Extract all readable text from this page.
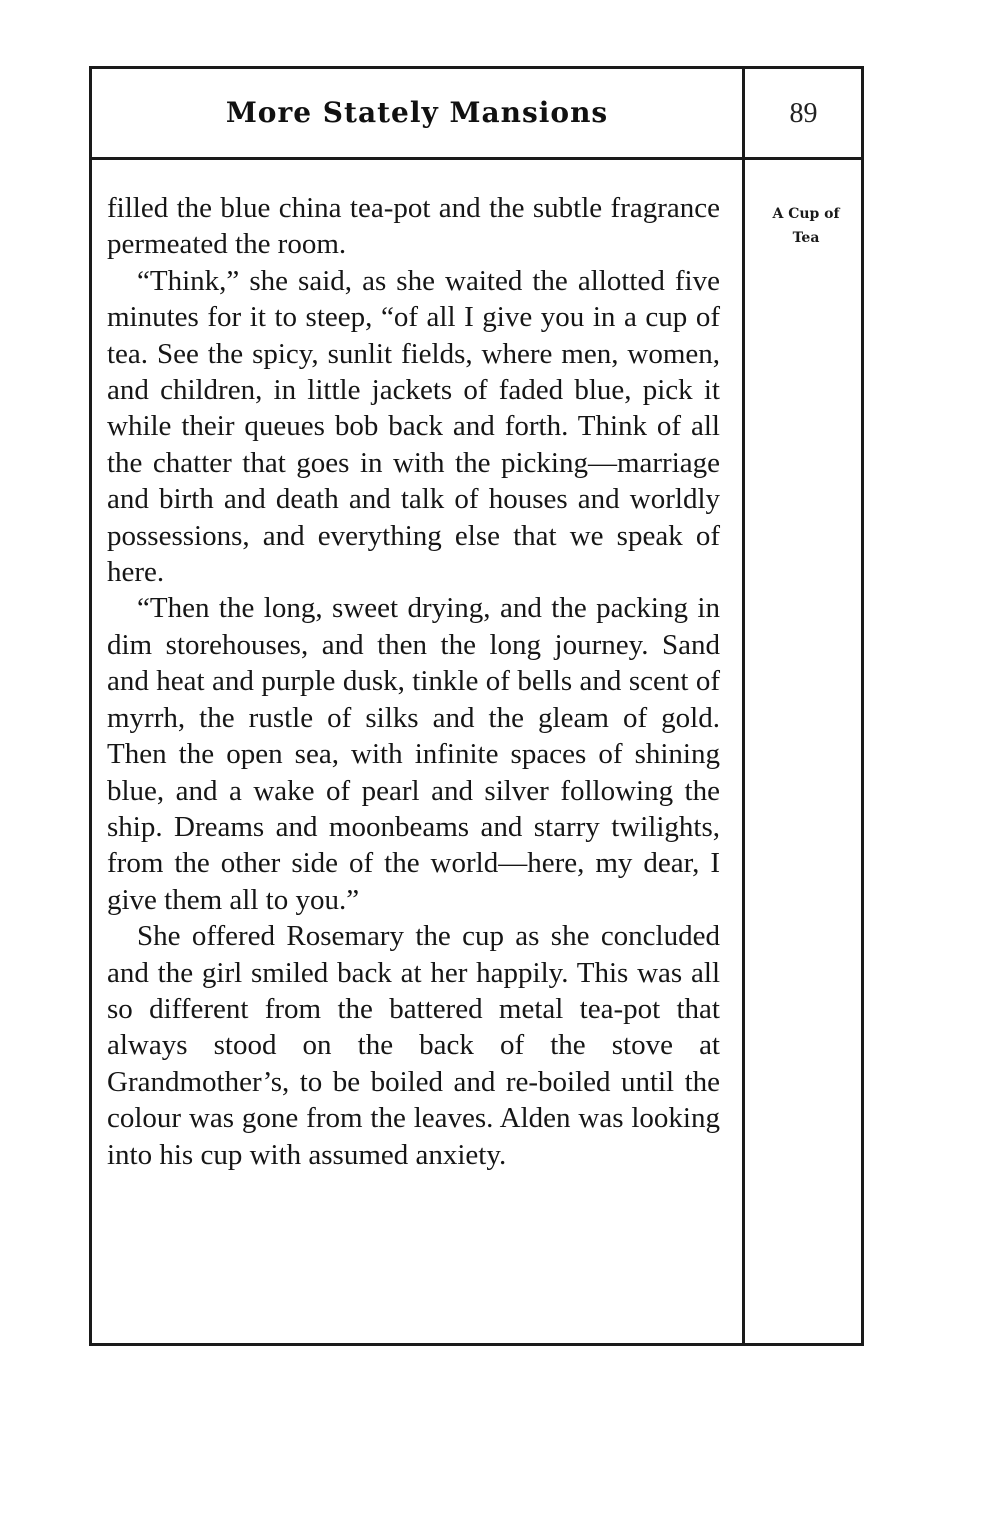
More Stately Mansions	89
A Cup of
Tea

filled the blue china tea-pot and the subtle fragrance permeated the room.

“Think,” she said, as she waited the allotted five minutes for it to steep, “of all I give you in a cup of tea. See the spicy, sunlit fields, where men, women, and children, in little jackets of faded blue, pick it while their queues bob back and forth. Think of all the chatter that goes in with the picking—marriage and birth and death and talk of houses and worldly possessions, and everything else that we speak of here.

“Then the long, sweet drying, and the packing in dim storehouses, and then the long journey. Sand and heat and purple dusk, tinkle of bells and scent of myrrh, the rustle of silks and the gleam of gold. Then the open sea, with infinite spaces of shining blue, and a wake of pearl and silver following the ship. Dreams and moonbeams and starry twilights, from the other side of the world—here, my dear, I give them all to you.”

She offered Rosemary the cup as she concluded and the girl smiled back at her happily. This was all so different from the battered metal tea-pot that always stood on the back of the stove at Grandmother’s, to be boiled and re-boiled until the colour was gone from the leaves. Alden was looking into his cup with assumed anxiety.
